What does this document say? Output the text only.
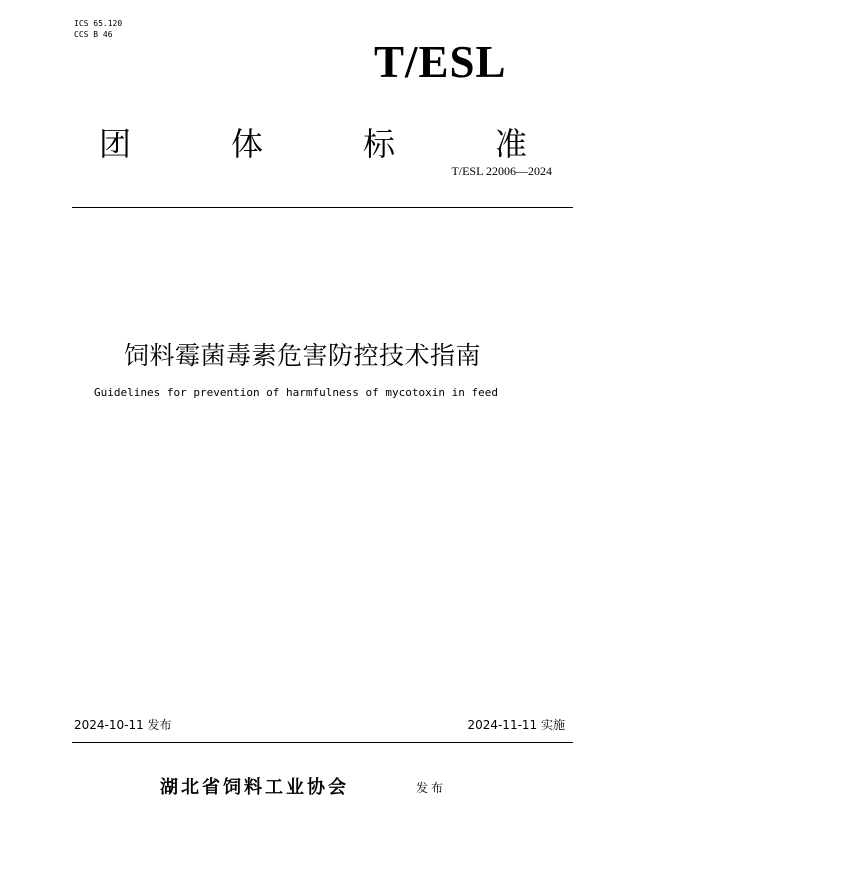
ICS 65.120
CCS B 46
T/ESL
团	体	标	准
T/ESL 22006—2024
饲料霉菌毒素危害防控技术指南
Guidelines for prevention of harmfulness of mycotoxin in feed
2024-10-11 发布	2024-11-11 实施
湖北省饲料工业协会	发布
